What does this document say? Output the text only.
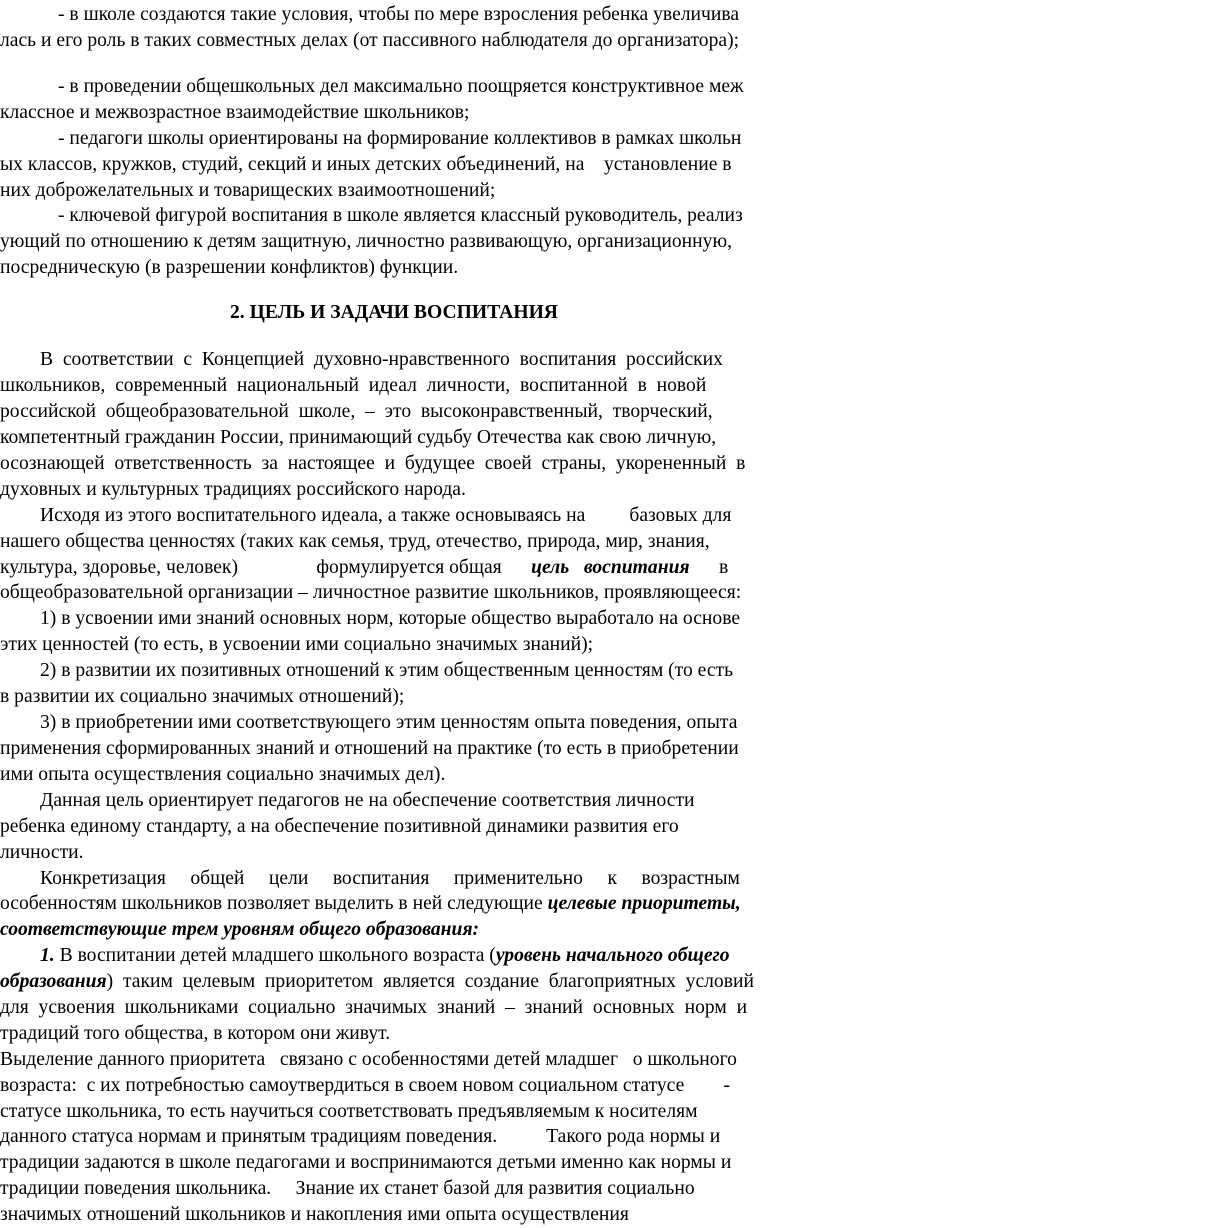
- в школе создаются такие условия, чтобы по мере взросления ребенка увеличива
лась и его роль в таких совместных делах (от пассивного наблюдателя до организатора);
- в проведении общешкольных дел максимально поощряется конструктивное меж
классное и межвозрастное взаимодействие школьников;
- педагоги школы ориентированы на формирование коллективов в рамках школьн
ых классов, кружков, студий, секций и иных детских объединений, на    установление в
них доброжелательных и товарищеских взаимоотношений;
- ключевой фигурой воспитания в школе является классный руководитель, реализ
ующий по отношению к детям защитную, личностно развивающую, организационную,
посредническую (в разрешении конфликтов) функции.
2. ЦЕЛЬ И ЗАДАЧИ ВОСПИТАНИЯ
В  соответствии  с  Концепцией  духовно-нравственного  воспитания  российских
школьников,  современный  национальный  идеал  личности,  воспитанной  в  новой
российской  общеобразовательной  школе,  –  это  высоконравственный,  творческий,
компетентный гражданин России, принимающий судьбу Отечества как свою личную,
осознающей  ответственность  за  настоящее  и  будущее  своей  страны,  укорененный  в
духовных и культурных традициях российского народа.
Исходя из этого воспитательного идеала, а также основываясь на         базовых для
нашего общества ценностях (таких как семья, труд, отечество, природа, мир, знания,
культура, здоровье, человек)                формулируется общая      цель   воспитания      в
общеобразовательной организации – личностное развитие школьников, проявляющееся:
1) в усвоении ими знаний основных норм, которые общество выработало на основе
этих ценностей (то есть, в усвоении ими социально значимых знаний);
2) в развитии их позитивных отношений к этим общественным ценностям (то есть
в развитии их социально значимых отношений);
3) в приобретении ими соответствующего этим ценностям опыта поведения, опыта
применения сформированных знаний и отношений на практике (то есть в приобретении
ими опыта осуществления социально значимых дел).
Данная цель ориентирует педагогов не на обеспечение соответствия личности
ребенка единому стандарту, а на обеспечение позитивной динамики развития его
личности.
Конкретизация     общей     цели     воспитания     применительно     к     возрастным
особенностям школьников позволяет выделить в ней следующие целевые приоритеты,
соответствующие трем уровням общего образования:
1. В воспитании детей младшего школьного возраста (уровень начального общего
образования)  таким  целевым  приоритетом  является  создание  благоприятных  условий
для  усвоения  школьниками  социально  значимых  знаний  –  знаний  основных  норм  и
традиций того общества, в котором они живут.
Выделение данного приоритета   связано с особенностями детей младшег   о школьного
возраста:  с их потребностью самоутвердиться в своем новом социальном статусе        -
статусе школьника, то есть научиться соответствовать предъявляемым к носителям
данного статуса нормам и принятым традициям поведения.          Такого рода нормы и
традиции задаются в школе педагогами и воспринимаются детьми именно как нормы и
традиции поведения школьника.     Знание их станет базой для развития социально
значимых отношений школьников и накопления ими опыта осуществления
